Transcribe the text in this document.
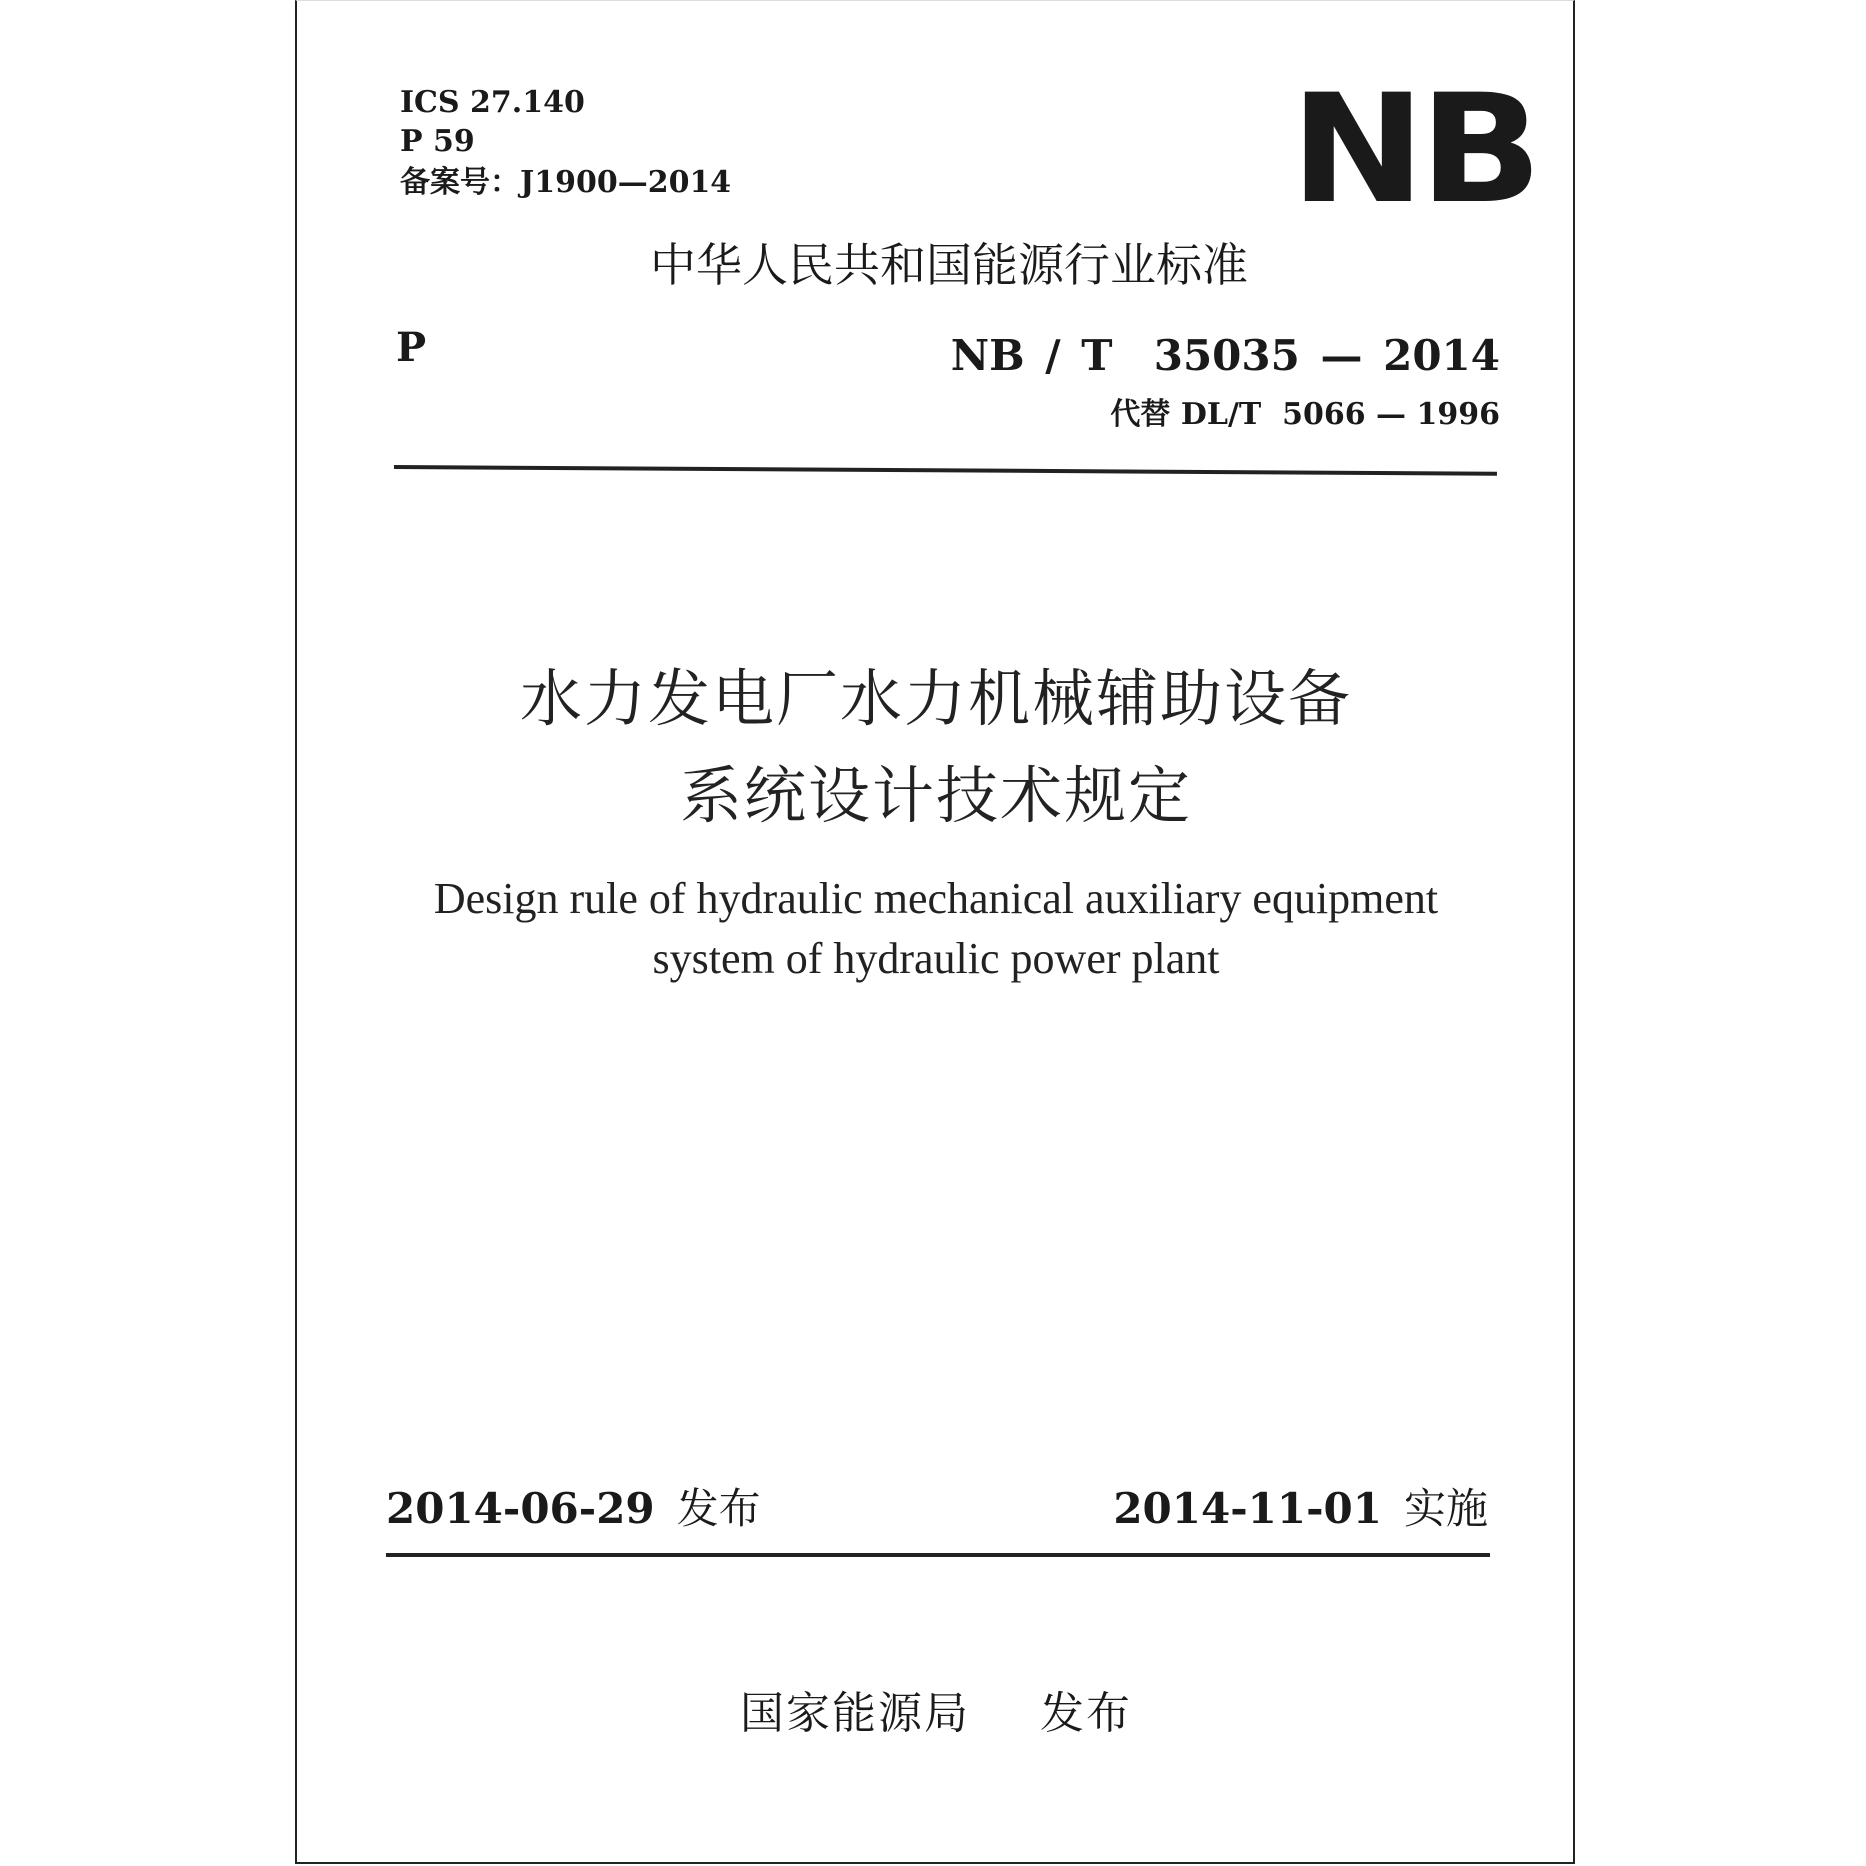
ICS 27.140
P 59
备案号：J1900—2014	NB
中华人民共和国能源行业标准
P	NB / T  35035 — 2014
代替 DL/T  5066 — 1996
水力发电厂水力机械辅助设备
系统设计技术规定
Design rule of hydraulic mechanical auxiliary equipment
system of hydraulic power plant
2014-06-29 发布	2014-11-01 实施
国家能源局 发布
